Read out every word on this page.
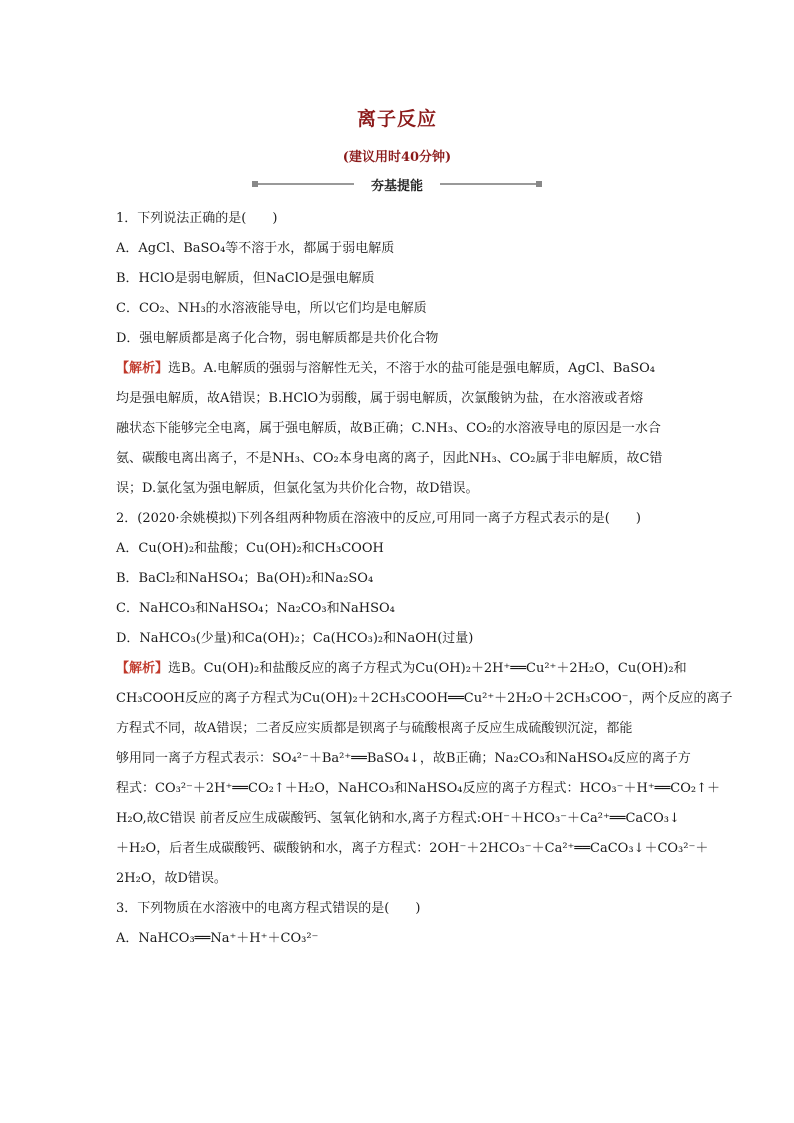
离子反应
(建议用时40分钟)
夯基提能

1．下列说法正确的是(　　)

A．AgCl、BaSO₄等不溶于水，都属于弱电解质

B．HClO是弱电解质，但NaClO是强电解质

C．CO₂、NH₃的水溶液能导电，所以它们均是电解质

D．强电解质都是离子化合物，弱电解质都是共价化合物

【解析】选B。A.电解质的强弱与溶解性无关，不溶于水的盐可能是强电解质，AgCl、BaSO₄
均是强电解质，故A错误；B.HClO为弱酸，属于弱电解质，次氯酸钠为盐，在水溶液或者熔
融状态下能够完全电离，属于强电解质，故B正确；C.NH₃、CO₂的水溶液导电的原因是一水合
氨、碳酸电离出离子，不是NH₃、CO₂本身电离的离子，因此NH₃、CO₂属于非电解质，故C错
误；D.氯化氢为强电解质，但氯化氢为共价化合物，故D错误。

2．(2020·余姚模拟)下列各组两种物质在溶液中的反应,可用同一离子方程式表示的是(　　)

A．Cu(OH)₂和盐酸；Cu(OH)₂和CH₃COOH

B．BaCl₂和NaHSO₄；Ba(OH)₂和Na₂SO₄

C．NaHCO₃和NaHSO₄；Na₂CO₃和NaHSO₄

D．NaHCO₃(少量)和Ca(OH)₂；Ca(HCO₃)₂和NaOH(过量)

【解析】选B。Cu(OH)₂和盐酸反应的离子方程式为Cu(OH)₂＋2H⁺══Cu²⁺＋2H₂O，Cu(OH)₂和
CH₃COOH反应的离子方程式为Cu(OH)₂＋2CH₃COOH══Cu²⁺＋2H₂O＋2CH₃COO⁻，两个反应的离子
方程式不同，故A错误；二者反应实质都是钡离子与硫酸根离子反应生成硫酸钡沉淀，都能
够用同一离子方程式表示：SO₄²⁻＋Ba²⁺══BaSO₄↓，故B正确；Na₂CO₃和NaHSO₄反应的离子方
程式：CO₃²⁻＋2H⁺══CO₂↑＋H₂O，NaHCO₃和NaHSO₄反应的离子方程式：HCO₃⁻＋H⁺══CO₂↑＋
H₂O,故C错误 前者反应生成碳酸钙、氢氧化钠和水,离子方程式:OH⁻＋HCO₃⁻＋Ca²⁺══CaCO₃↓
＋H₂O，后者生成碳酸钙、碳酸钠和水，离子方程式：2OH⁻＋2HCO₃⁻＋Ca²⁺══CaCO₃↓＋CO₃²⁻＋
2H₂O，故D错误。

3．下列物质在水溶液中的电离方程式错误的是(　　)

A．NaHCO₃══Na⁺＋H⁺＋CO₃²⁻
